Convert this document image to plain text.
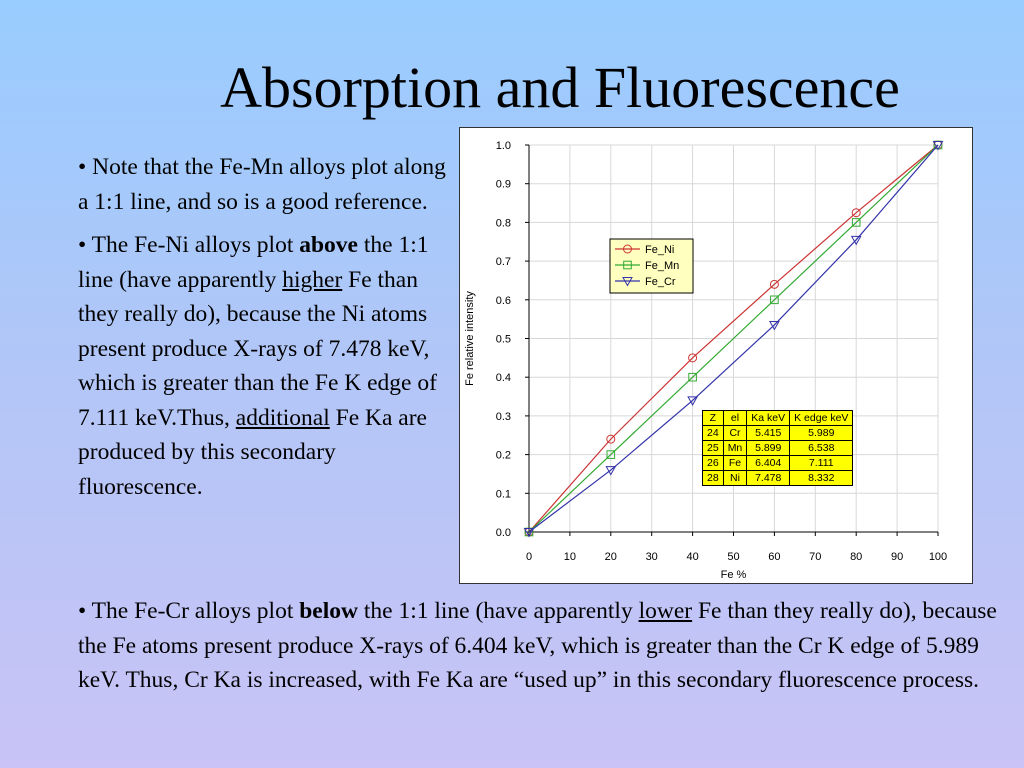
Absorption and Fluorescence

• Note that the Fe-Mn alloys plot along a 1:1 line, and so is a good reference.

• The Fe-Ni alloys plot above the 1:1 line (have apparently higher Fe than they really do), because the Ni atoms present produce X-rays of 7.478 keV, which is greater than the Fe K edge of 7.111 keV.Thus, additional Fe Ka are produced by this secondary fluorescence.

0	10	20	30	40	50	60	70	80	90 100
0.0
0.1
0.2
0.3
0.4
0.5
0.6
0.7
0.8
0.9
1.0
Fe %
Fe relative intensity
Fe_Ni
Fe_Mn
Fe_Cr
Z	el	Ka keV	K edge keV
24	Cr	5.415	5.989
25	Mn	5.899	6.538
26	Fe	6.404	7.111
28	Ni	7.478	8.332

• The Fe-Cr alloys plot below the 1:1 line (have apparently lower Fe than they really do), because the Fe atoms present produce X-rays of 6.404 keV, which is greater than the Cr K edge of 5.989 keV. Thus, Cr Ka is increased, with Fe Ka are “used up” in this secondary fluorescence process.
